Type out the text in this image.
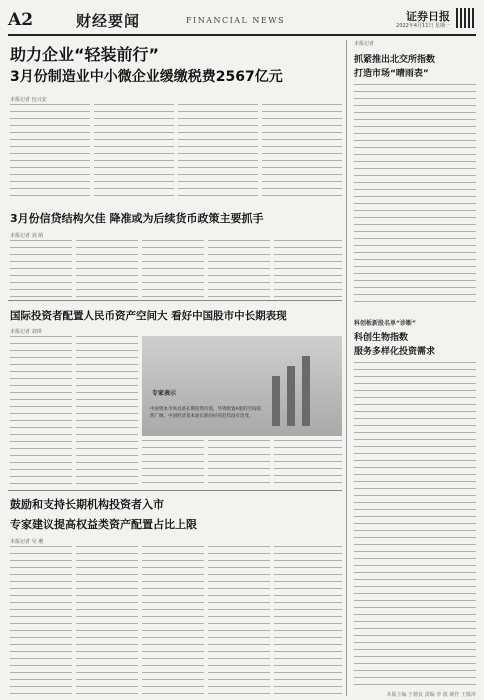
A2	财经要闻	FINANCIAL NEWS	证券日报
2022年4月11日 星期一
助力企业“轻装前行”
3月份制造业中小微企业缓缴税费2567亿元
本报记者 包兴安
3月份信贷结构欠佳 降准或为后续货币政策主要抓手
本报记者 刘 萌
国际投资者配置人民币资产空间大 看好中国股市中长期表现
本报记者 刘琪
专家表示
中国资本市场具备长期投资价值，外资配置A股的空间依然广阔，中国经济基本面长期向好的趋势没有改变。
鼓励和支持长期机构投资者入市
专家建议提高权益类资产配置占比上限
本报记者 吴 珊
本报记者
抓紧推出北交所指数
打造市场“晴雨表”
科创板新股名单“诊断”
科创生物指数
服务多样化投资需求
本版主编 于德良 责编 李 波 制作 王敬涛
